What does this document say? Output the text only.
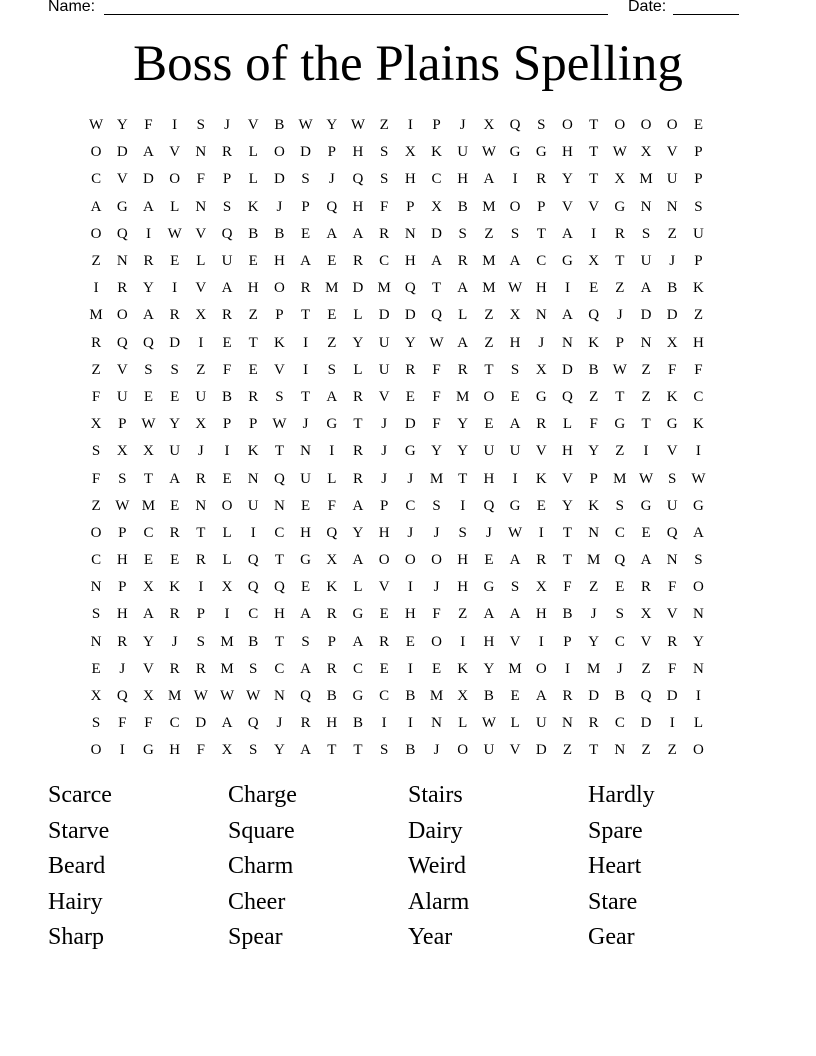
Name:	Date:
Boss of the Plains Spelling
W Y	F	I	S	J	V	B W Y W Z	I	P	J	X	Q	S	O	T	O	O	O	E
O	D	A	V	N	R	L	O	D	P	H	S	X	K	U W G	G	H	T W X	V	P
C	V	D	O	F	P	L	D	S	J	Q	S	H	C	H	A	I	R	Y	T	X M U	P
A	G	A	L	N	S	K	J	P	Q	H	F	P	X	B M O	P	V	V	G	N	N	S
O	Q	I	W V	Q	B	B	E	A	A	R	N	D	S	Z	S	T	A	I	R	S	Z	U
Z	N	R	E	L	U	E	H	A	E	R	C	H	A	R M A	C	G	X	T	U	J	P
I	R	Y	I	V	A	H	O	R M D M Q	T	A M W H	I	E	Z	A	B	K
M O	A	R	X	R	Z	P	T	E	L	D	D	Q	L	Z	X	N	A	Q	J	D	D	Z
R	Q	Q	D	I	E	T	K	I	Z	Y	U	Y W A	Z	H	J	N	K	P	N	X	H
Z	V	S	S	Z	F	E	V	I	S	L	U	R	F	R	T	S	X	D	B W Z	F	F
F	U	E	E	U	B	R	S	T	A	R	V	E	F	M O	E	G	Q	Z	T	Z	K	C
X	P W Y	X	P	P W	J	G	T	J	D	F	Y	E	A	R	L	F	G	T	G	K
S	X	X	U	J	I	K	T	N	I	R	J	G	Y	Y	U	U	V	H	Y	Z	I	V	I
F	S	T	A	R	E	N	Q	U	L	R	J	J	M T	H	I	K	V	P	M W S W
Z W M E	N	O	U	N	E	F	A	P	C	S	I	Q	G	E	Y	K	S	G	U	G
O	P	C	R	T	L	I	C	H	Q	Y	H	J	J	S	J	W	I	T	N	C	E	Q	A
C	H	E	E	R	L	Q	T	G	X	A	O	O	O	H	E	A	R	T M Q	A	N	S
N	P	X	K	I	X	Q	Q	E	K	L	V	I	J	H	G	S	X	F	Z	E	R	F	O
S	H	A	R	P	I	C	H	A	R	G	E	H	F	Z	A	A	H	B	J	S	X	V	N
N	R	Y	J	S	M B	T	S	P	A	R	E	O	I	H	V	I	P	Y	C	V	R	Y
E	J	V	R	R M	S	C	A	R	C	E	I	E	K	Y M O	I	M	J	Z	F	N
X	Q	X M W W W N	Q	B	G	C	B M X	B	E	A	R	D	B	Q	D	I
S	F	F	C	D	A	Q	J	R	H	B	I	I	N	L W L	U	N	R	C	D	I	L
O	I	G	H	F	X	S	Y	A	T	T	S	B	J	O	U	V	D	Z	T	N	Z	Z	O
Scarce	Charge	Stairs	Hardly
Starve	Square	Dairy	Spare
Beard	Charm	Weird	Heart
Hairy	Cheer	Alarm	Stare
Sharp	Spear	Year	Gear
